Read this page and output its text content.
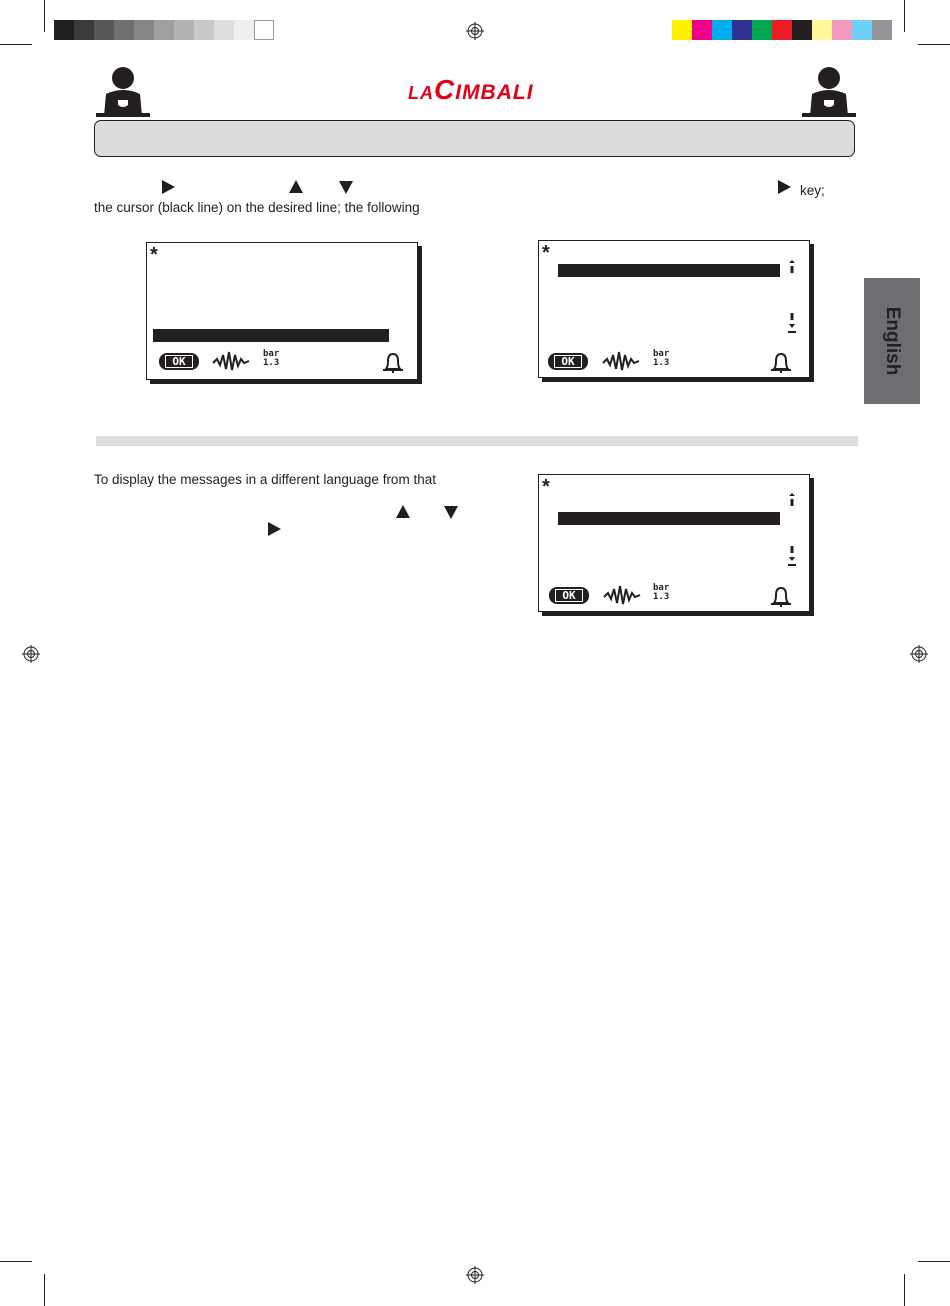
LACIMBALI
key;
the cursor (black line) on the desired line; the following
*
OK
bar
1.3
*
OK
bar
1.3	English
To display the messages in a different language from that	*
OK
bar
1.3
